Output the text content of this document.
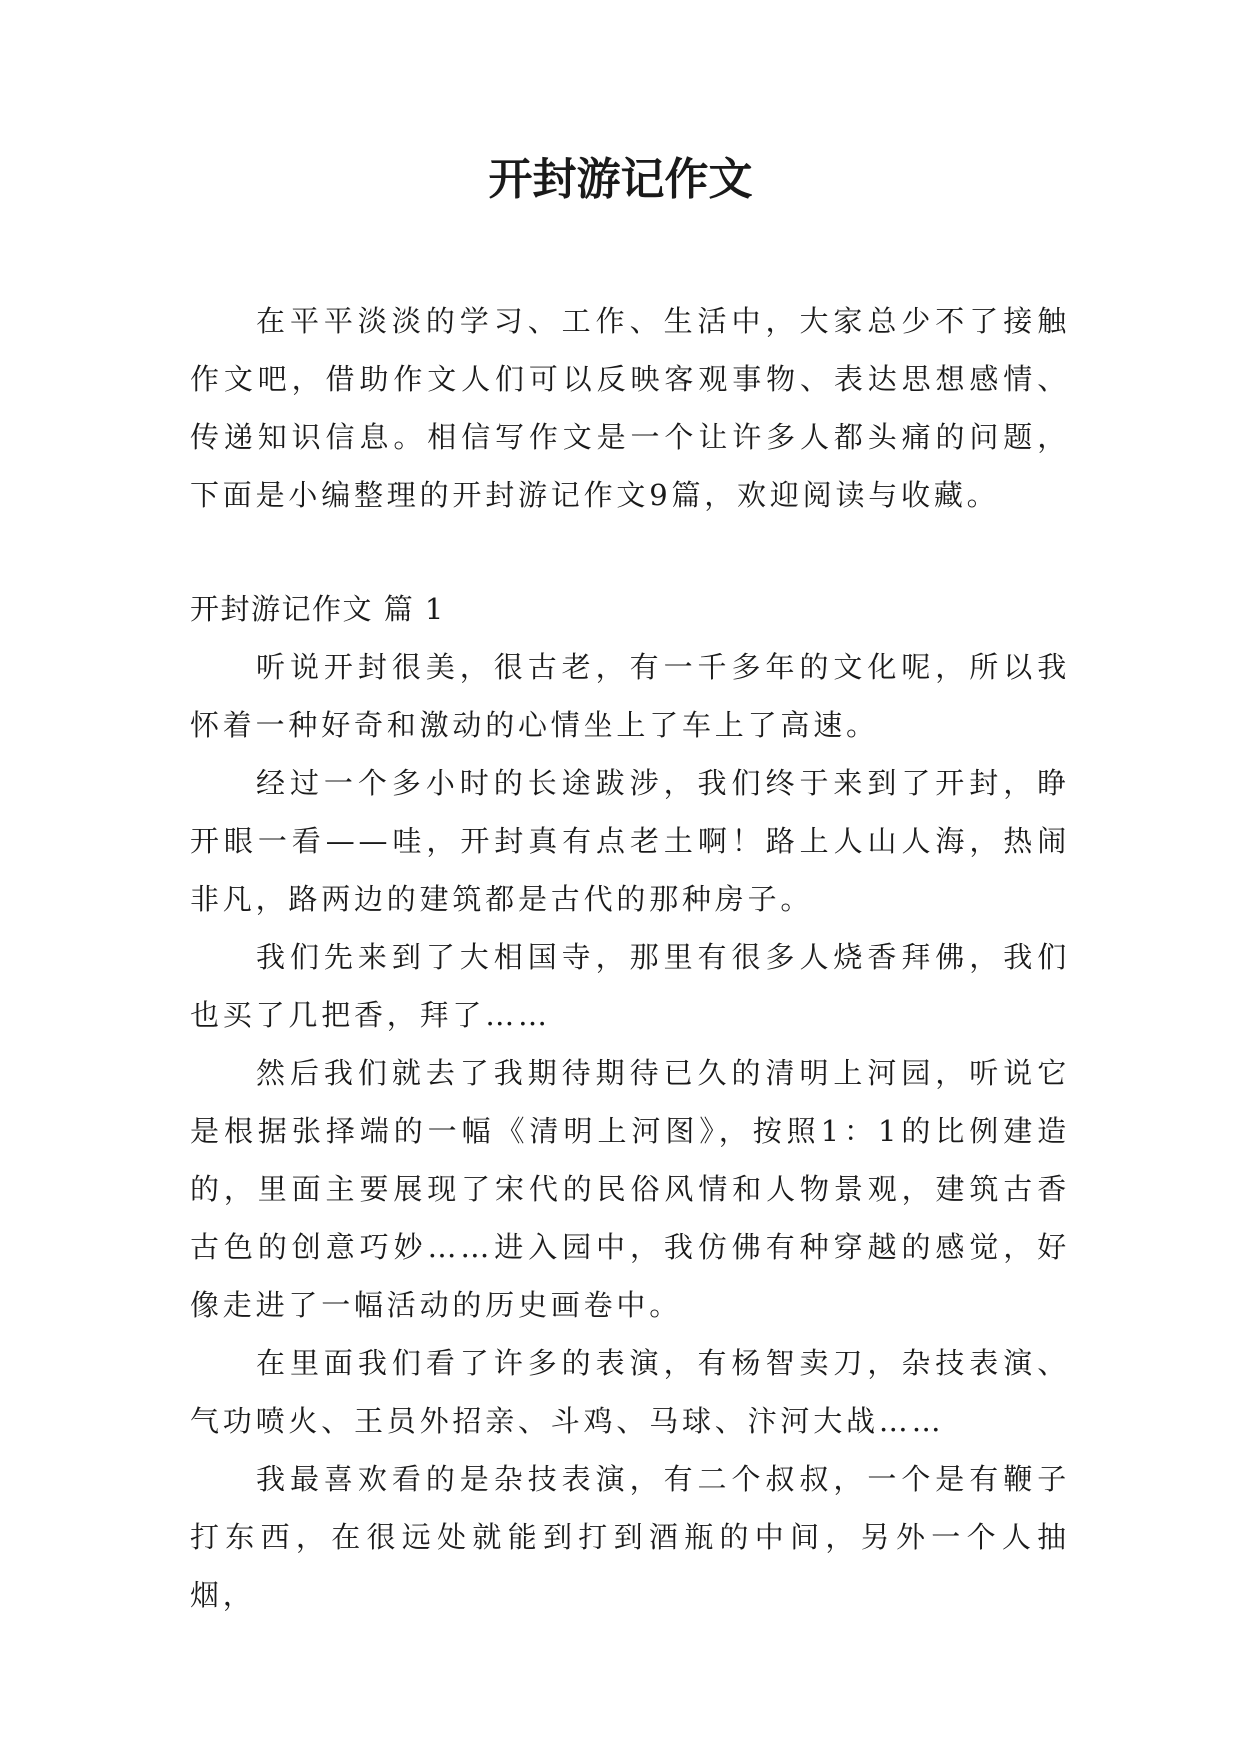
开封游记作文

在平平淡淡的学习、工作、生活中，大家总少不了接触作文吧，借助作文人们可以反映客观事物、表达思想感情、传递知识信息。相信写作文是一个让许多人都头痛的问题，下面是小编整理的开封游记作文9篇，欢迎阅读与收藏。

开封游记作文 篇 1

听说开封很美，很古老，有一千多年的文化呢，所以我怀着一种好奇和激动的心情坐上了车上了高速。

经过一个多小时的长途跋涉，我们终于来到了开封，睁开眼一看——哇，开封真有点老土啊！路上人山人海，热闹非凡，路两边的建筑都是古代的那种房子。

我们先来到了大相国寺，那里有很多人烧香拜佛，我们也买了几把香，拜了……

然后我们就去了我期待期待已久的清明上河园，听说它是根据张择端的一幅《清明上河图》，按照1：1的比例建造的，里面主要展现了宋代的民俗风情和人物景观，建筑古香古色的创意巧妙……进入园中，我仿佛有种穿越的感觉，好像走进了一幅活动的历史画卷中。

在里面我们看了许多的表演，有杨智卖刀，杂技表演、气功喷火、王员外招亲、斗鸡、马球、汴河大战……

我最喜欢看的是杂技表演，有二个叔叔，一个是有鞭子打东西，在很远处就能到打到酒瓶的中间，另外一个人抽烟，
